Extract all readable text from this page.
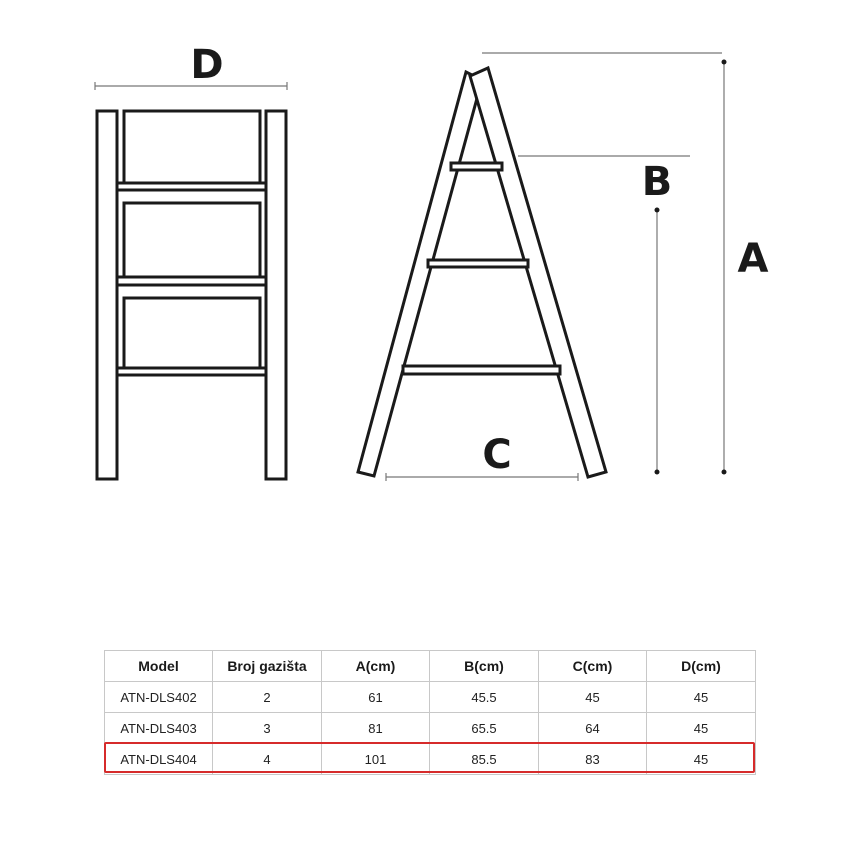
D
A
B
C
Model	Broj gazišta	A(cm)	B(cm)	C(cm)	D(cm)
ATN-DLS402	2	61	45.5	45	45
ATN-DLS403	3	81	65.5	64	45
ATN-DLS404	4	101	85.5	83	45
